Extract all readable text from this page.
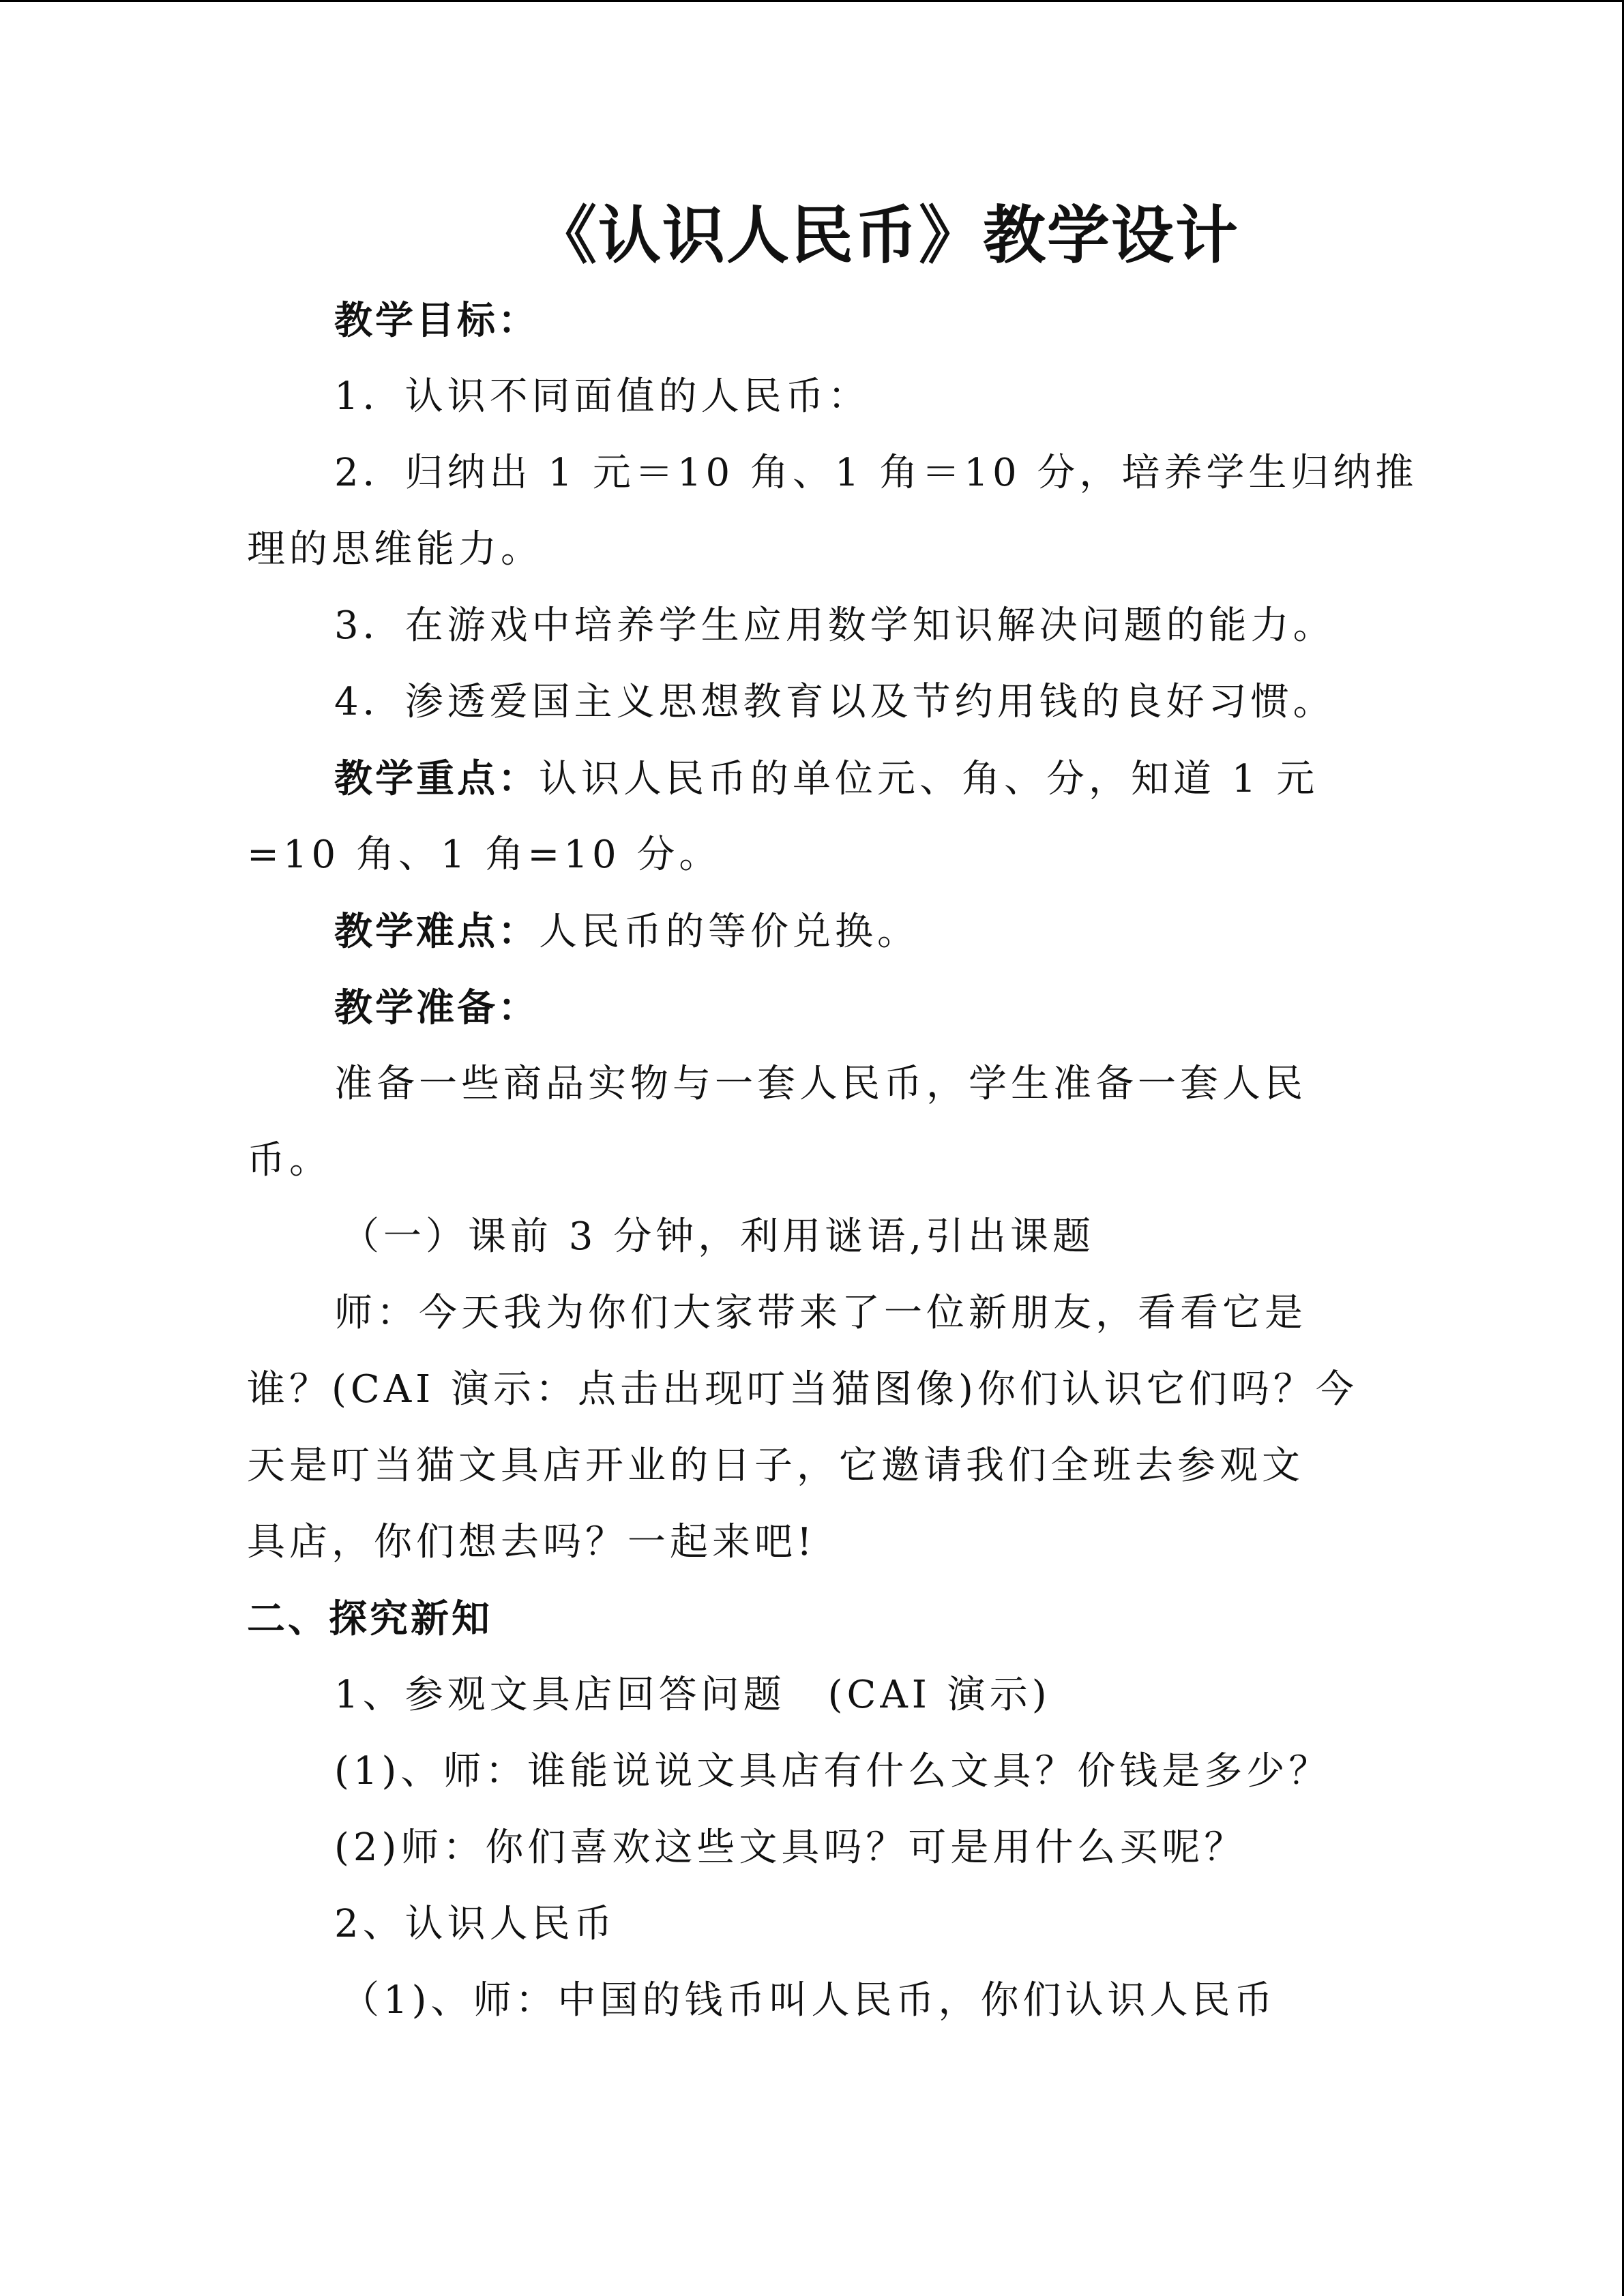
《认识人民币》教学设计
教学目标：
1．认识不同面值的人民币：
2．归纳出 1 元＝10 角、1 角＝10 分，培养学生归纳推
理的思维能力。
3．在游戏中培养学生应用数学知识解决问题的能力。
4．渗透爱国主义思想教育以及节约用钱的良好习惯。
教学重点：认识人民币的单位元、角、分，知道 1 元
=10 角、1 角=10 分。
教学难点：人民币的等价兑换。
教学准备：
准备一些商品实物与一套人民币，学生准备一套人民
币。
（一）课前 3 分钟，利用谜语,引出课题
师：今天我为你们大家带来了一位新朋友，看看它是
谁？(CAI 演示：点击出现叮当猫图像)你们认识它们吗？今
天是叮当猫文具店开业的日子，它邀请我们全班去参观文
具店，你们想去吗？一起来吧!
二、探究新知
1、参观文具店回答问题　(CAI 演示)
(1)、师：谁能说说文具店有什么文具？价钱是多少？
(2)师：你们喜欢这些文具吗？可是用什么买呢？
2、认识人民币
（1)、师：中国的钱币叫人民币，你们认识人民币
